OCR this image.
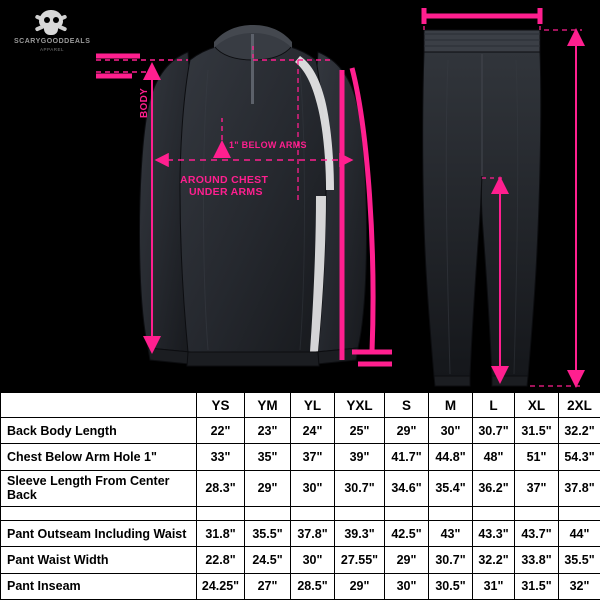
SCARYGOODDEALS
APPAREL
BODY
1" BELOW ARMS
AROUND CHEST
UNDER ARMS
	YS	YM	YL	YXL	S	M	L	XL	2XL
Back Body Length	22"	23"	24"	25"	29"	30"	30.7"	31.5"	32.2"
Chest Below Arm Hole 1"	33"	35"	37"	39"	41.7"	44.8"	48"	51"	54.3"
Sleeve Length From Center Back	28.3"	29"	30"	30.7"	34.6"	35.4"	36.2"	37"	37.8"

Pant Outseam Including Waist	31.8"	35.5"	37.8"	39.3"	42.5"	43"	43.3"	43.7"	44"
Pant Waist Width	22.8"	24.5"	30"	27.55"	29"	30.7"	32.2"	33.8"	35.5"
Pant Inseam	24.25"	27"	28.5"	29"	30"	30.5"	31"	31.5"	32"
